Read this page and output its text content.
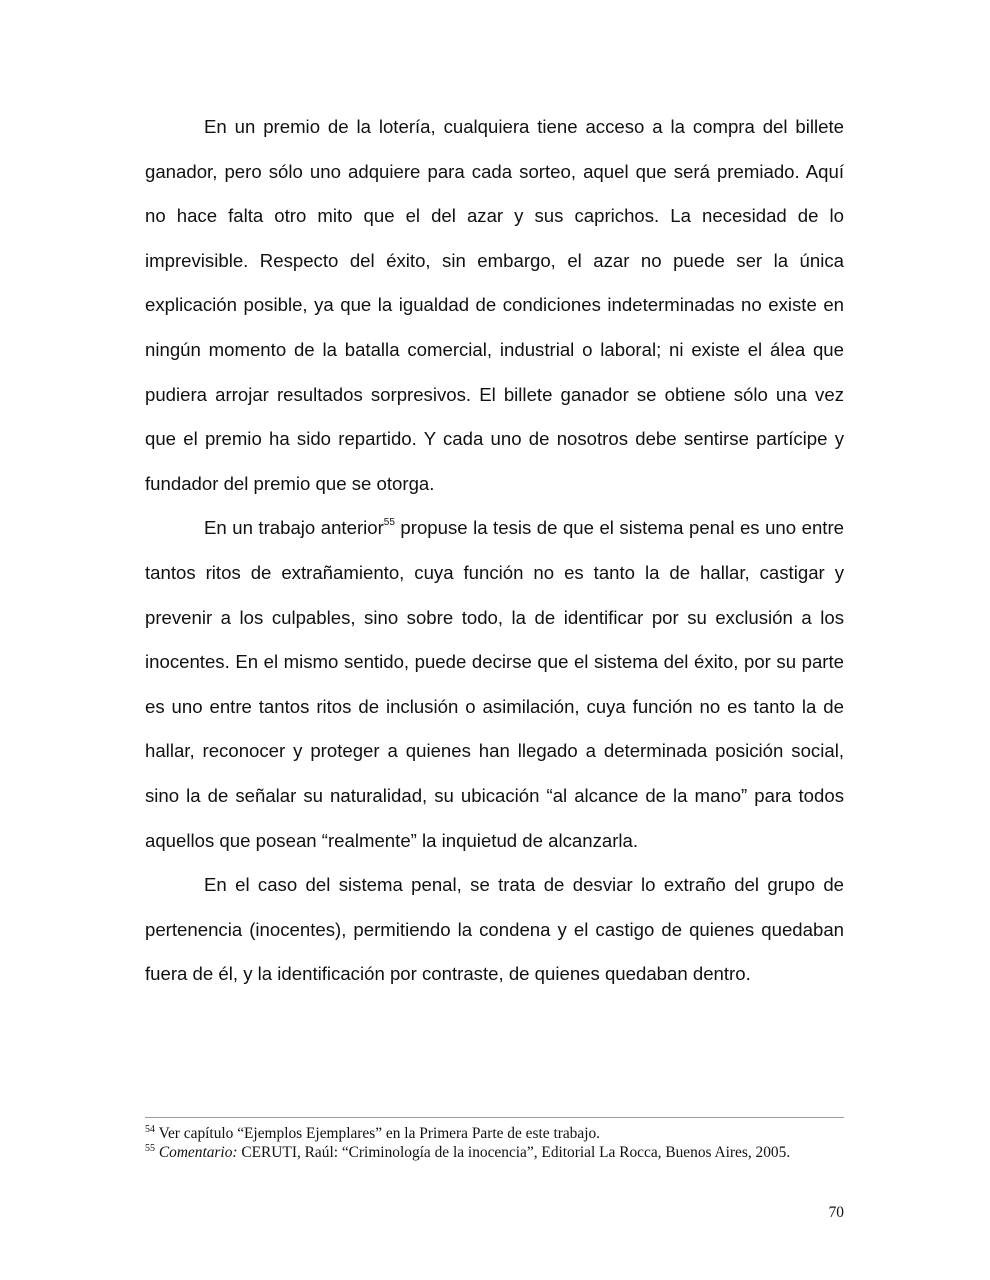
En un premio de la lotería, cualquiera tiene acceso a la compra del billete ganador, pero sólo uno adquiere para cada sorteo, aquel que será premiado. Aquí no hace falta otro mito que el del azar y sus caprichos. La necesidad de lo imprevisible. Respecto del éxito, sin embargo, el azar no puede ser la única explicación posible, ya que la igualdad de condiciones indeterminadas no existe en ningún momento de la batalla comercial, industrial o laboral; ni existe el álea que pudiera arrojar resultados sorpresivos. El billete ganador se obtiene sólo una vez que el premio ha sido repartido. Y cada uno de nosotros debe sentirse partícipe y fundador del premio que se otorga.

En un trabajo anterior$^{55}$ propuse la tesis de que el sistema penal es uno entre tantos ritos de extrañamiento, cuya función no es tanto la de hallar, castigar y prevenir a los culpables, sino sobre todo, la de identificar por su exclusión a los inocentes. En el mismo sentido, puede decirse que el sistema del éxito, por su parte es uno entre tantos ritos de inclusión o asimilación, cuya función no es tanto la de hallar, reconocer y proteger a quienes han llegado a determinada posición social, sino la de señalar su naturalidad, su ubicación “al alcance de la mano” para todos aquellos que posean “realmente” la inquietud de alcanzarla.

En el caso del sistema penal, se trata de desviar lo extraño del grupo de pertenencia (inocentes), permitiendo la condena y el castigo de quienes quedaban fuera de él, y la identificación por contraste, de quienes quedaban dentro.

$^{54}$ Ver capítulo “Ejemplos Ejemplares” en la Primera Parte de este trabajo.
$^{55}$ Comentario: CERUTI, Raúl: “Criminología de la inocencia”, Editorial La Rocca, Buenos Aires, 2005.
70
